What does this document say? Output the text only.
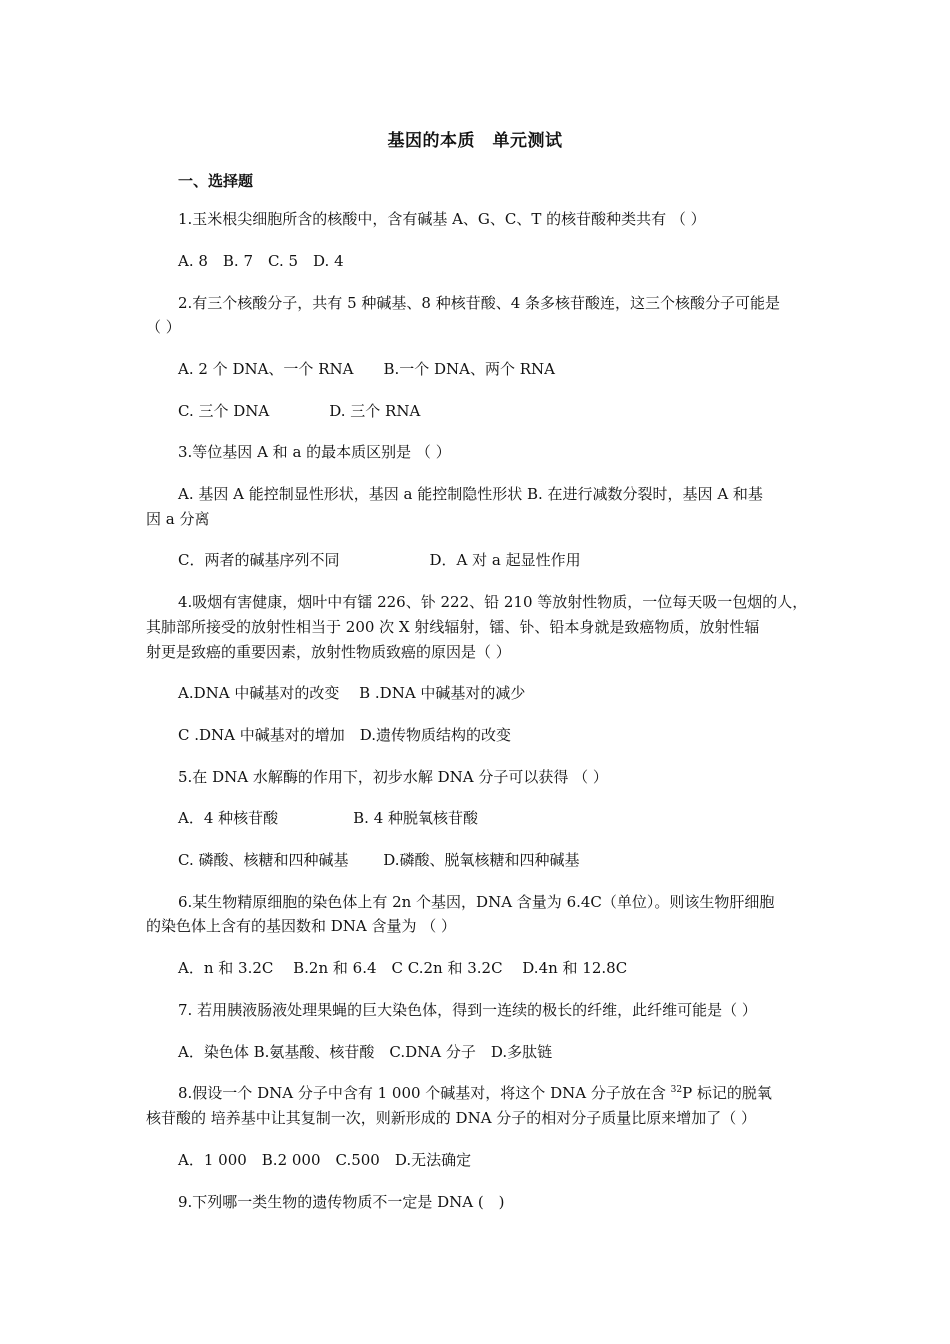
基因的本质　单元测试
一、选择题
1.玉米根尖细胞所含的核酸中，含有碱基 A、G、C、T 的核苷酸种类共有 （ ）
A. 8　B. 7　C. 5　D. 4
2.有三个核酸分子，共有 5 种碱基、8 种核苷酸、4 条多核苷酸连，这三个核酸分子可能是
（ ）
A. 2 个 DNA、一个 RNA　　B.一个 DNA、两个 RNA
C. 三个 DNA　　　　D. 三个 RNA
3.等位基因 A 和 a 的最本质区别是 （ ）
A. 基因 A 能控制显性形状，基因 a 能控制隐性形状 B. 在进行减数分裂时，基因 A 和基
因 a 分离
C．两者的碱基序列不同　　　　　　D．A 对 a 起显性作用
4.吸烟有害健康，烟叶中有镭 226、钋 222、铅 210 等放射性物质，一位每天吸一包烟的人，
其肺部所接受的放射性相当于 200 次 X 射线辐射，镭、钋、铅本身就是致癌物质，放射性辐
射更是致癌的重要因素，放射性物质致癌的原因是（ ）
A.DNA 中碱基对的改变　 B .DNA 中碱基对的减少
C .DNA 中碱基对的增加　D.遗传物质结构的改变
5.在 DNA 水解酶的作用下，初步水解 DNA 分子可以获得 （ ）
A．4 种核苷酸　　　　　B. 4 种脱氧核苷酸
C. 磷酸、核糖和四种碱基　　 D.磷酸、脱氧核糖和四种碱基
6.某生物精原细胞的染色体上有 2n 个基因，DNA 含量为 6.4C（单位）。则该生物肝细胞
的染色体上含有的基因数和 DNA 含量为 （ ）
A．n 和 3.2C　 B.2n 和 6.4　C C.2n 和 3.2C　 D.4n 和 12.8C
7. 若用胰液肠液处理果蝇的巨大染色体，得到一连续的极长的纤维，此纤维可能是（ ）
A．染色体 B.氨基酸、核苷酸　C.DNA 分子　D.多肽链
8.假设一个 DNA 分子中含有 1 000 个碱基对，将这个 DNA 分子放在含 $^{32}$P 标记的脱氧
核苷酸的 培养基中让其复制一次，则新形成的 DNA 分子的相对分子质量比原来增加了（ ）
A．1 000　B.2 000　C.500　D.无法确定
9.下列哪一类生物的遗传物质不一定是 DNA (　)
